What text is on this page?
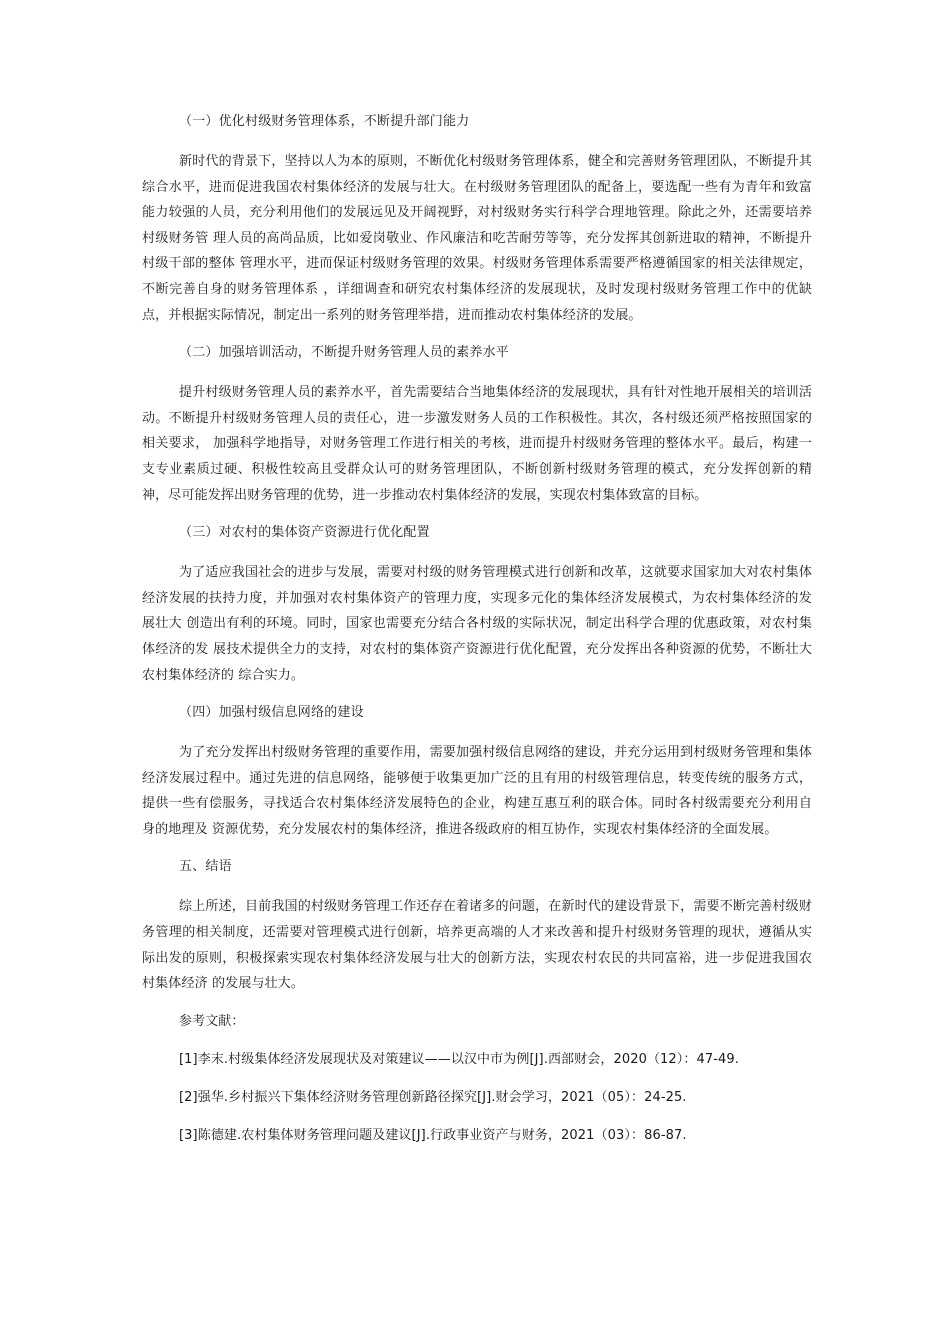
（一）优化村级财务管理体系，不断提升部门能力
新时代的背景下，坚持以人为本的原则，不断优化村级财务管理体系，健全和完善财务管理团队，不断提升其综合水平，进而促进我国农村集体经济的发展与壮大。在村级财务管理团队的配备上，要选配一些有为青年和致富能力较强的人员，充分利用他们的发展远见及开阔视野，对村级财务实行科学合理地管理。除此之外，还需要培养村级财务管 理人员的高尚品质，比如爱岗敬业、作风廉洁和吃苦耐劳等等，充分发挥其创新进取的精神，不断提升村级干部的整体 管理水平，进而保证村级财务管理的效果。村级财务管理体系需要严格遵循国家的相关法律规定，不断完善自身的财务管理体系 ，详细调查和研究农村集体经济的发展现状，及时发现村级财务管理工作中的优缺点，并根据实际情况，制定出一系列的财务管理举措，进而推动农村集体经济的发展。
（二）加强培训活动，不断提升财务管理人员的素养水平
提升村级财务管理人员的素养水平，首先需要结合当地集体经济的发展现状，具有针对性地开展相关的培训活动。不断提升村级财务管理人员的责任心，进一步激发财务人员的工作积极性。其次，各村级还须严格按照国家的相关要求， 加强科学地指导，对财务管理工作进行相关的考核，进而提升村级财务管理的整体水平。最后，构建一支专业素质过硬、积极性较高且受群众认可的财务管理团队，不断创新村级财务管理的模式，充分发挥创新的精神，尽可能发挥出财务管理的优势，进一步推动农村集体经济的发展，实现农村集体致富的目标。
（三）对农村的集体资产资源进行优化配置
为了适应我国社会的进步与发展，需要对村级的财务管理模式进行创新和改革，这就要求国家加大对农村集体经济发展的扶持力度，并加强对农村集体资产的管理力度，实现多元化的集体经济发展模式，为农村集体经济的发展壮大 创造出有利的环境。同时，国家也需要充分结合各村级的实际状况，制定出科学合理的优惠政策，对农村集体经济的发 展技术提供全力的支持，对农村的集体资产资源进行优化配置，充分发挥出各种资源的优势，不断壮大农村集体经济的 综合实力。
（四）加强村级信息网络的建设
为了充分发挥出村级财务管理的重要作用，需要加强村级信息网络的建设，并充分运用到村级财务管理和集体经济发展过程中。通过先进的信息网络，能够便于收集更加广泛的且有用的村级管理信息，转变传统的服务方式，提供一些有偿服务，寻找适合农村集体经济发展特色的企业，构建互惠互利的联合体。同时各村级需要充分利用自身的地理及 资源优势，充分发展农村的集体经济，推进各级政府的相互协作，实现农村集体经济的全面发展。
五、结语
综上所述，目前我国的村级财务管理工作还存在着诸多的问题，在新时代的建设背景下，需要不断完善村级财务管理的相关制度，还需要对管理模式进行创新，培养更高端的人才来改善和提升村级财务管理的现状，遵循从实际出发的原则，积极探索实现农村集体经济发展与壮大的创新方法，实现农村农民的共同富裕，进一步促进我国农村集体经济 的发展与壮大。
参考文献：
[1]李末.村级集体经济发展现状及对策建议——以汉中市为例[J].西部财会，2020（12）：47-49.
[2]强华.乡村振兴下集体经济财务管理创新路径探究[J].财会学习，2021（05）：24-25.
[3]陈德建.农村集体财务管理问题及建议[J].行政事业资产与财务，2021（03）：86-87.
